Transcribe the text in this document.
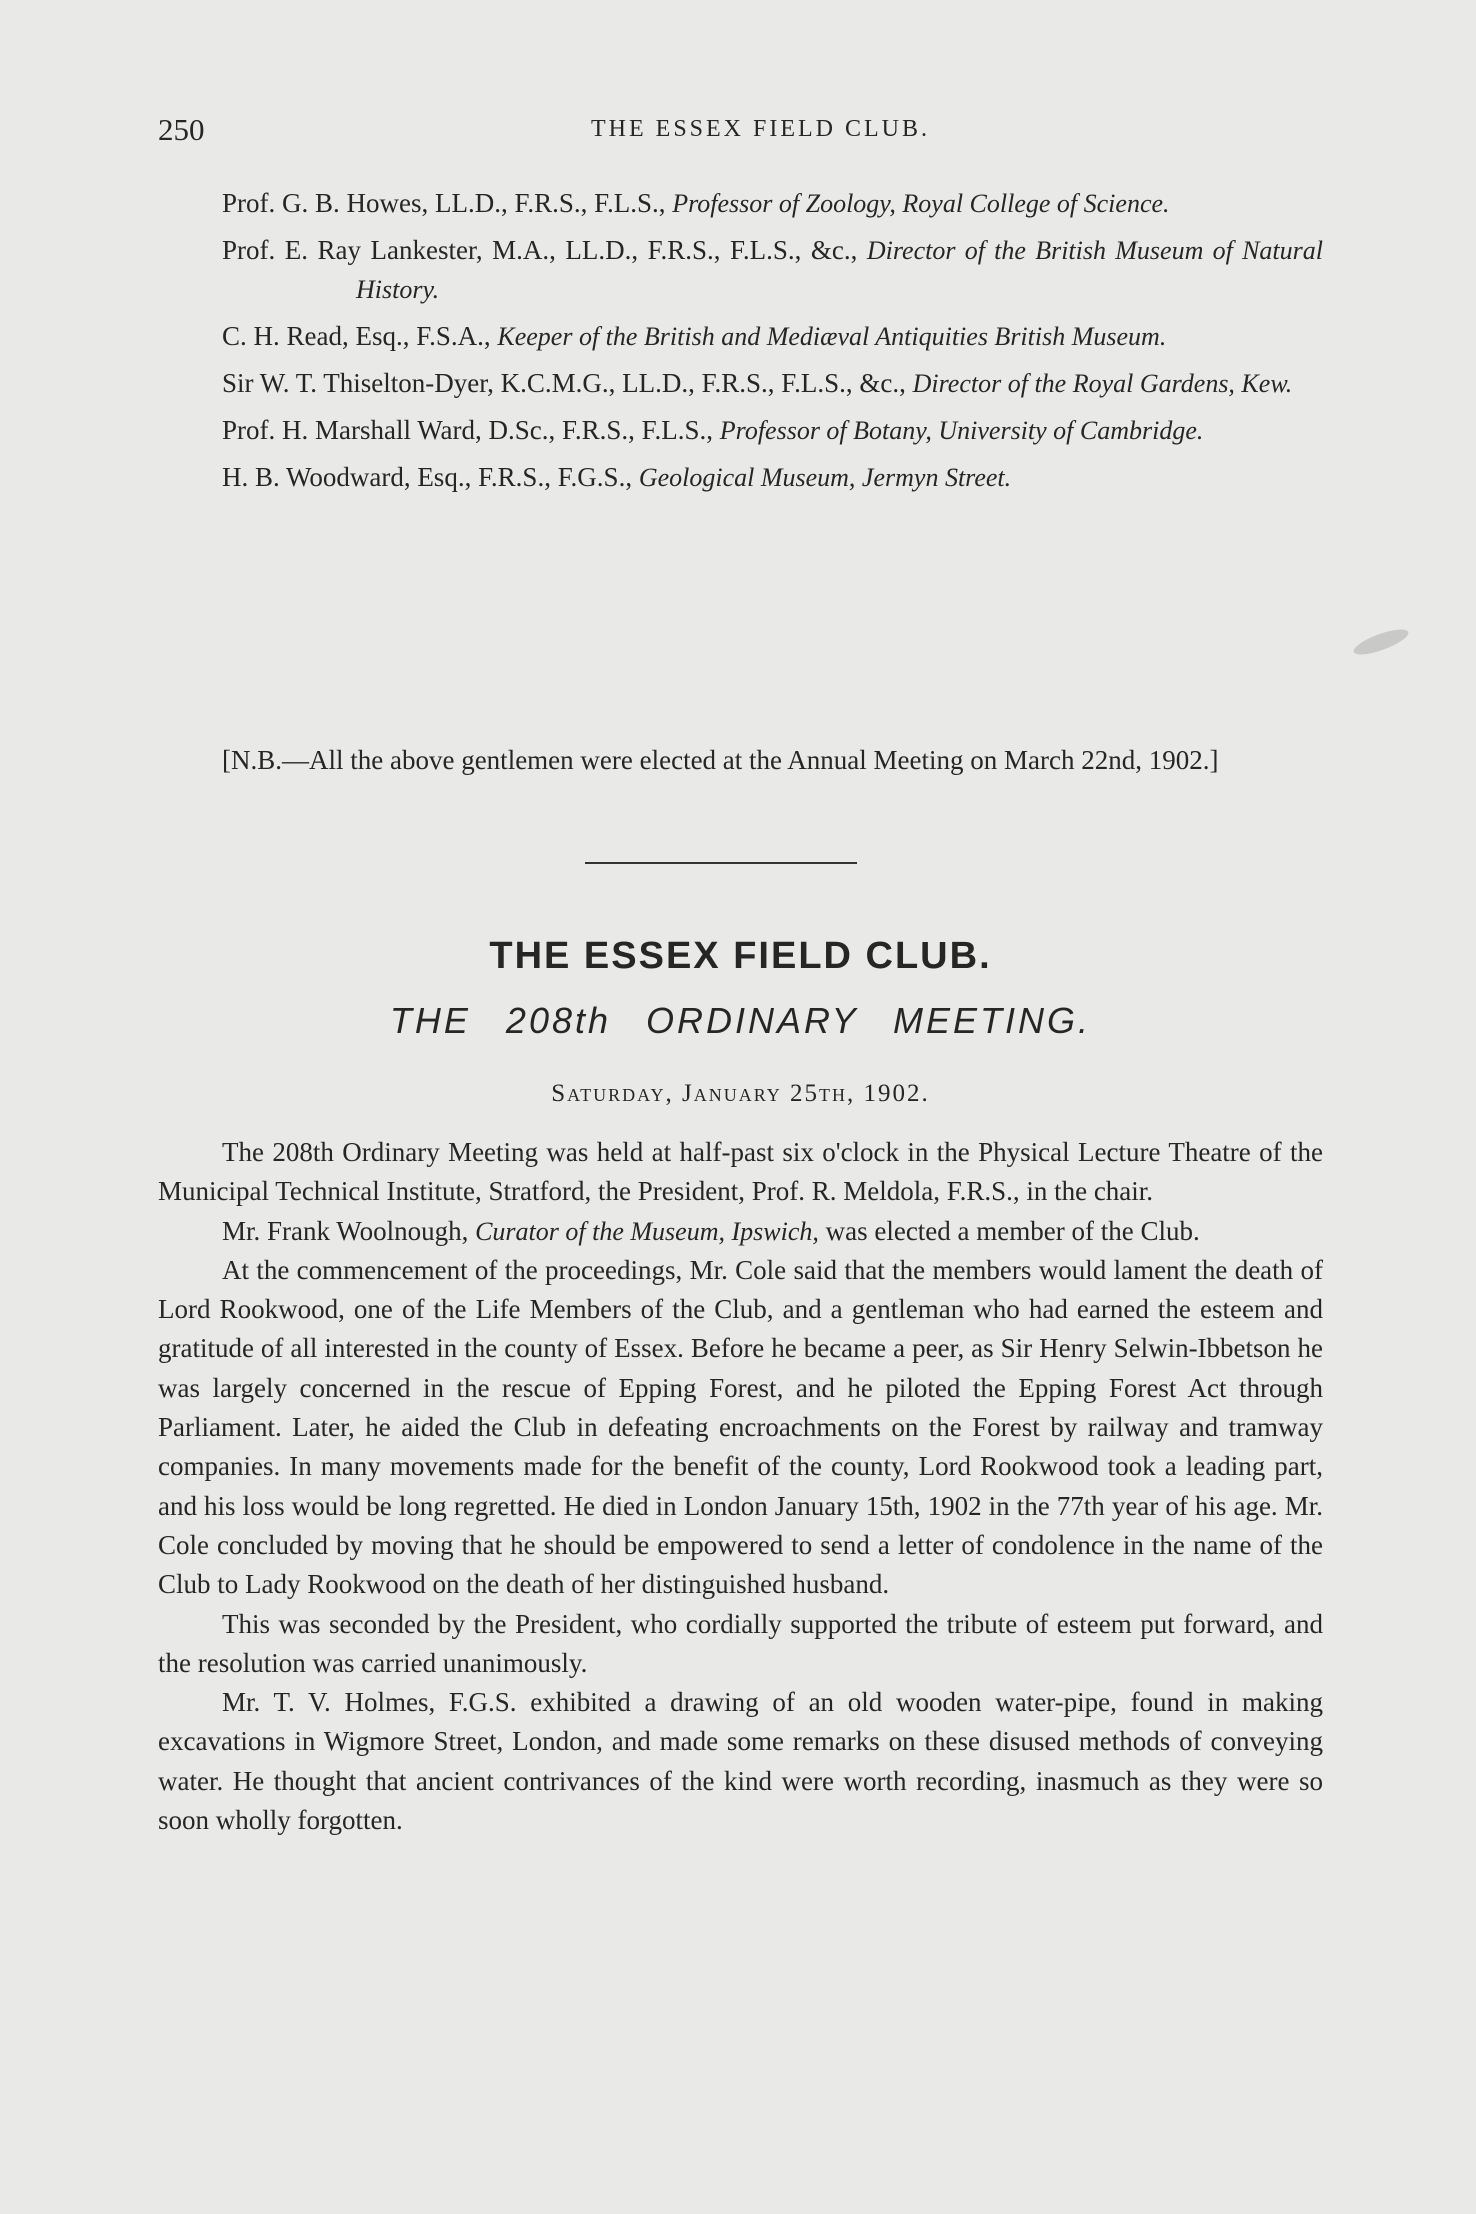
250	THE ESSEX FIELD CLUB.
Prof. G. B. Howes, LL.D., F.R.S., F.L.S., Professor of Zoology, Royal College of Science.
Prof. E. Ray Lankester, M.A., LL.D., F.R.S., F.L.S., &c., Director of the British Museum of Natural History.
C. H. Read, Esq., F.S.A., Keeper of the British and Mediæval Antiquities British Museum.
Sir W. T. Thiselton-Dyer, K.C.M.G., LL.D., F.R.S., F.L.S., &c., Director of the Royal Gardens, Kew.
Prof. H. Marshall Ward, D.Sc., F.R.S., F.L.S., Professor of Botany, University of Cambridge.
H. B. Woodward, Esq., F.R.S., F.G.S., Geological Museum, Jermyn Street.

[N.B.—All the above gentlemen were elected at the Annual Meeting on March 22nd, 1902.]

THE ESSEX FIELD CLUB.
THE 208th ORDINARY MEETING.
Saturday, January 25th, 1902.

The 208th Ordinary Meeting was held at half-past six o'clock in the Physical Lecture Theatre of the Municipal Technical Institute, Stratford, the President, Prof. R. Meldola, F.R.S., in the chair.

Mr. Frank Woolnough, Curator of the Museum, Ipswich, was elected a member of the Club.

At the commencement of the proceedings, Mr. Cole said that the members would lament the death of Lord Rookwood, one of the Life Members of the Club, and a gentleman who had earned the esteem and gratitude of all interested in the county of Essex. Before he became a peer, as Sir Henry Selwin-Ibbetson he was largely concerned in the rescue of Epping Forest, and he piloted the Epping Forest Act through Parliament. Later, he aided the Club in defeating encroachments on the Forest by railway and tramway companies. In many movements made for the benefit of the county, Lord Rookwood took a leading part, and his loss would be long regretted. He died in London January 15th, 1902 in the 77th year of his age. Mr. Cole concluded by moving that he should be empowered to send a letter of condolence in the name of the Club to Lady Rookwood on the death of her distinguished husband.

This was seconded by the President, who cordially supported the tribute of esteem put forward, and the resolution was carried unanimously.

Mr. T. V. Holmes, F.G.S. exhibited a drawing of an old wooden water-pipe, found in making excavations in Wigmore Street, London, and made some remarks on these disused methods of conveying water. He thought that ancient contrivances of the kind were worth recording, inasmuch as they were so soon wholly forgotten.
